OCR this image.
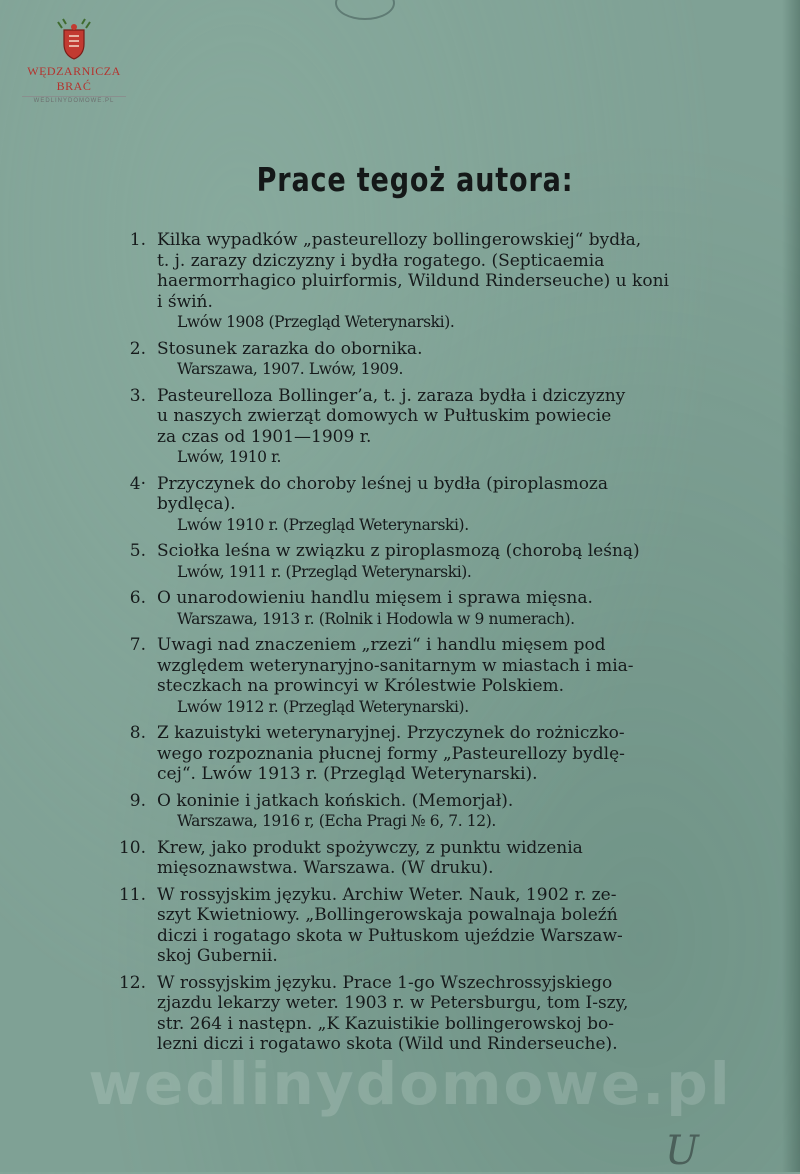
WĘDZARNICZA BRAĆ
WEDLINYDOMOWE.PL
Prace tegoż autora:
1. Kilka wypadków „pasteurellozy bollingerowskiej“ bydła,
t. j. zarazy dziczyzny i bydła rogatego. (Septicaemia
haermorrhagico pluirformis, Wildund Rinderseuche) u koni
i świń.
Lwów 1908 (Przegląd Weterynarski).
2. Stosunek zarazka do obornika.
Warszawa, 1907. Lwów, 1909.
3. Pasteurelloza Bollinger’a, t. j. zaraza bydła i dziczyzny
u naszych zwierząt domowych w Pułtuskim powiecie
za czas od 1901—1909 r.
Lwów, 1910 r.
4· Przyczynek do choroby leśnej u bydła (piroplasmoza
bydlęca).
Lwów 1910 r. (Przegląd Weterynarski).
5. Sciołka leśna w związku z piroplasmozą (chorobą leśną)
Lwów, 1911 r. (Przegląd Weterynarski).
6. O unarodowieniu handlu mięsem i sprawa mięsna.
Warszawa, 1913 r. (Rolnik i Hodowla w 9 numerach).
7. Uwagi nad znaczeniem „rzezi“ i handlu mięsem pod
względem weterynaryjno-sanitarnym w miastach i mia-
steczkach na prowincyi w Królestwie Polskiem.
Lwów 1912 r. (Przegląd Weterynarski).
8. Z kazuistyki weterynaryjnej. Przyczynek do rożniczko-
wego rozpoznania płucnej formy „Pasteurellozy bydlę-
cej“. Lwów 1913 r. (Przegląd Weterynarski).
9. O koninie i jatkach końskich. (Memorjał).
Warszawa, 1916 r, (Echa Pragi № 6, 7. 12).
10. Krew, jako produkt spożywczy, z punktu widzenia
mięsoznawstwa. Warszawa. (W druku).
11. W rossyjskim języku. Archiw Weter. Nauk, 1902 r. ze-
szyt Kwietniowy. „Bollingerowskaja powalnaja boleźń
diczi i rogatago skota w Pułtuskom ujeździe Warszaw-
skoj Gubernii.
12. W rossyjskim języku. Prace 1-go Wszechrossyjskiego
zjazdu lekarzy weter. 1903 r. w Petersburgu, tom I-szy,
str. 264 i następn. „K Kazuistikie bollingerowskoj bo-
lezni diczi i rogatawo skota (Wild und Rinderseuche).
wedlinydomowe.pl
U
